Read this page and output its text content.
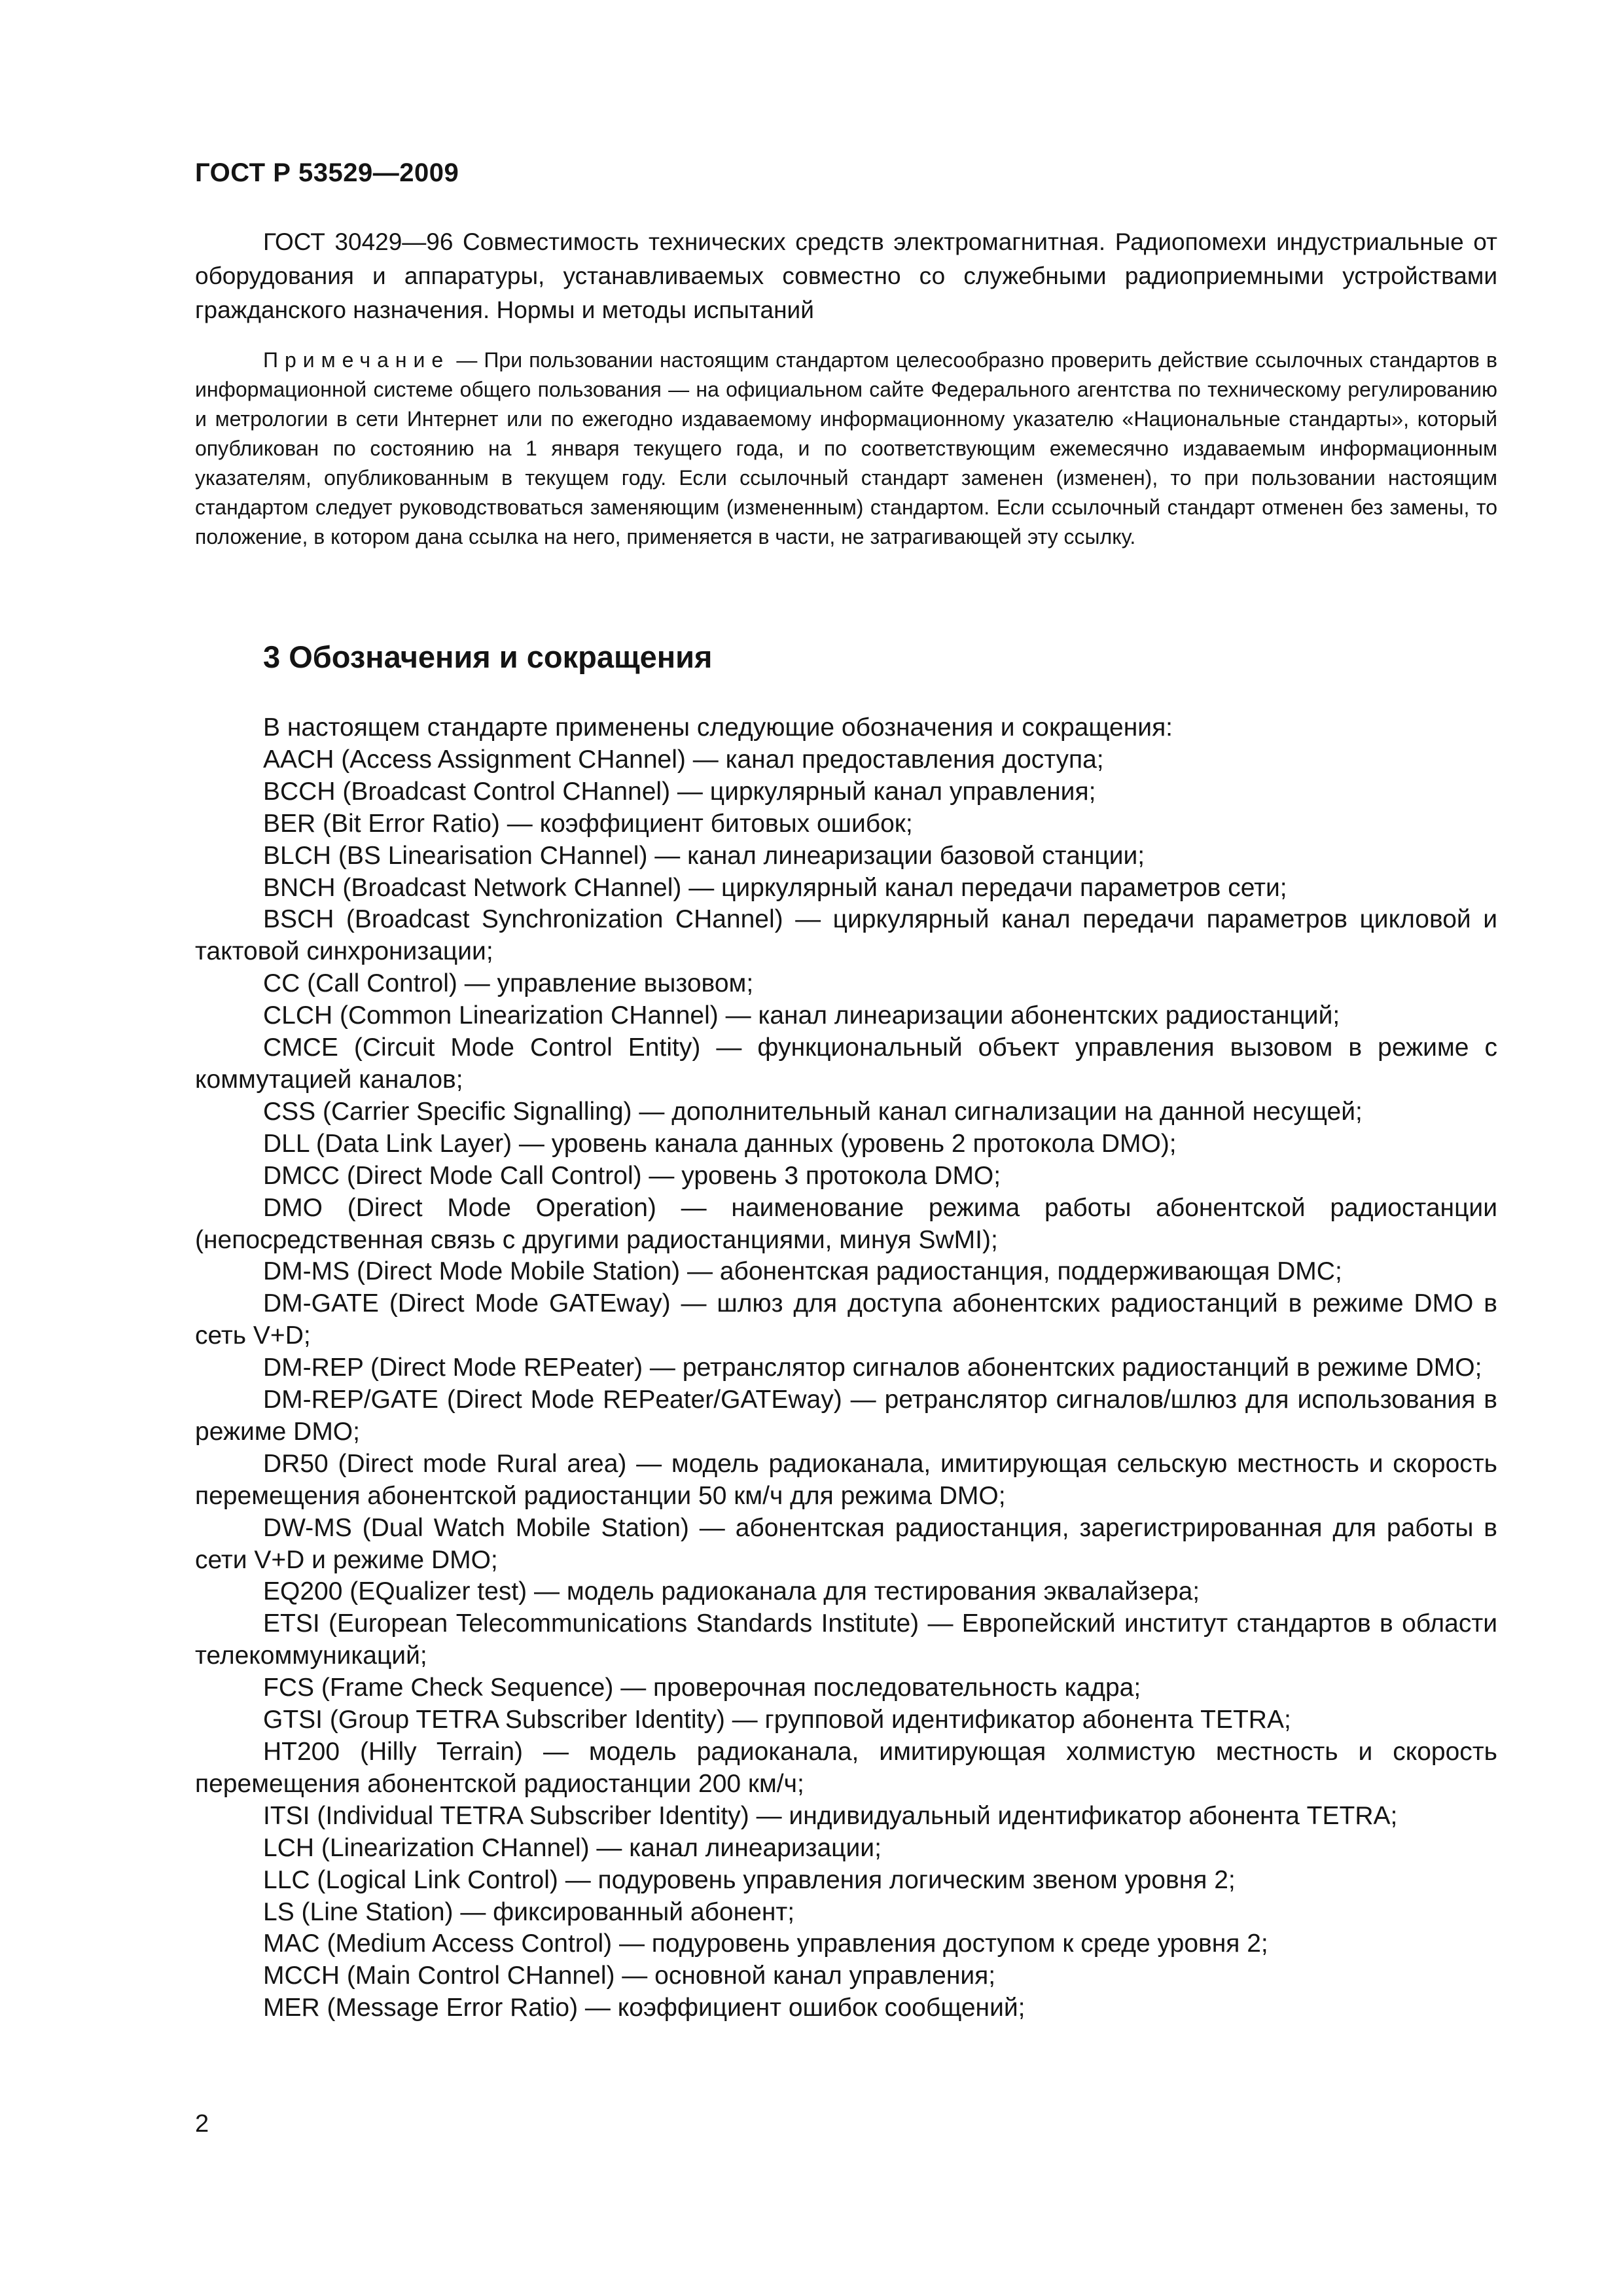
ГОСТ Р 53529—2009
ГОСТ 30429—96 Совместимость технических средств электромагнитная. Радиопомехи индустриальные от оборудования и аппаратуры, устанавливаемых совместно со служебными радиоприемными устройствами гражданского назначения. Нормы и методы испытаний
Примечание — При пользовании настоящим стандартом целесообразно проверить действие ссылочных стандартов в информационной системе общего пользования — на официальном сайте Федерального агентства по техническому регулированию и метрологии в сети Интернет или по ежегодно издаваемому информационному указателю «Национальные стандарты», который опубликован по состоянию на 1 января текущего года, и по соответствующим ежемесячно издаваемым информационным указателям, опубликованным в текущем году. Если ссылочный стандарт заменен (изменен), то при пользовании настоящим стандартом следует руководствоваться заменяющим (измененным) стандартом. Если ссылочный стандарт отменен без замены, то положение, в котором дана ссылка на него, применяется в части, не затрагивающей эту ссылку.
3 Обозначения и сокращения

В настоящем стандарте применены следующие обозначения и сокращения:

AACH (Access Assignment CHannel) — канал предоставления доступа;

BCCH (Broadcast Control CHannel) — циркулярный канал управления;

BER (Bit Error Ratio) — коэффициент битовых ошибок;

BLCH (BS Linearisation CHannel) — канал линеаризации базовой станции;

BNCH (Broadcast Network CHannel) — циркулярный канал передачи параметров сети;

BSCH (Broadcast Synchronization CHannel) — циркулярный канал передачи параметров цикловой и тактовой синхронизации;

CC (Call Control) — управление вызовом;

CLCH (Common Linearization CHannel) — канал линеаризации абонентских радиостанций;

CMCE (Circuit Mode Control Entity) — функциональный объект управления вызовом в режиме с коммутацией каналов;

CSS (Carrier Specific Signalling) — дополнительный канал сигнализации на данной несущей;

DLL (Data Link Layer) — уровень канала данных (уровень 2 протокола DMO);

DMCC (Direct Mode Call Control) — уровень 3 протокола DMO;

DMO (Direct Mode Operation) — наименование режима работы абонентской радиостанции (непосредственная связь с другими радиостанциями, минуя SwMI);

DM-MS (Direct Mode Mobile Station) — абонентская радиостанция, поддерживающая DMC;

DM-GATE (Direct Mode GATEway) — шлюз для доступа абонентских радиостанций в режиме DMO в сеть V+D;

DM-REP (Direct Mode REPeater) — ретранслятор сигналов абонентских радиостанций в режиме DMO;

DM-REP/GATE (Direct Mode REPeater/GATEway) — ретранслятор сигналов/шлюз для использования в режиме DMO;

DR50 (Direct mode Rural area) — модель радиоканала, имитирующая сельскую местность и скорость перемещения абонентской радиостанции 50 км/ч для режима DMO;

DW-MS (Dual Watch Mobile Station) — абонентская радиостанция, зарегистрированная для работы в сети V+D и режиме DMO;

EQ200 (EQualizer test) — модель радиоканала для тестирования эквалайзера;

ETSI (European Telecommunications Standards Institute) — Европейский институт стандартов в области телекоммуникаций;

FCS (Frame Check Sequence) — проверочная последовательность кадра;

GTSI (Group TETRA Subscriber Identity) — групповой идентификатор абонента TETRA;

HT200 (Hilly Terrain) — модель радиоканала, имитирующая холмистую местность и скорость перемещения абонентской радиостанции 200 км/ч;

ITSI (Individual TETRA Subscriber Identity) — индивидуальный идентификатор абонента TETRA;

LCH (Linearization CHannel) — канал линеаризации;

LLC (Logical Link Control) — подуровень управления логическим звеном уровня 2;

LS (Line Station) — фиксированный абонент;

MAC (Medium Access Control) — подуровень управления доступом к среде уровня 2;

MCCH (Main Control CHannel) — основной канал управления;

MER (Message Error Ratio) — коэффициент ошибок сообщений;

2
